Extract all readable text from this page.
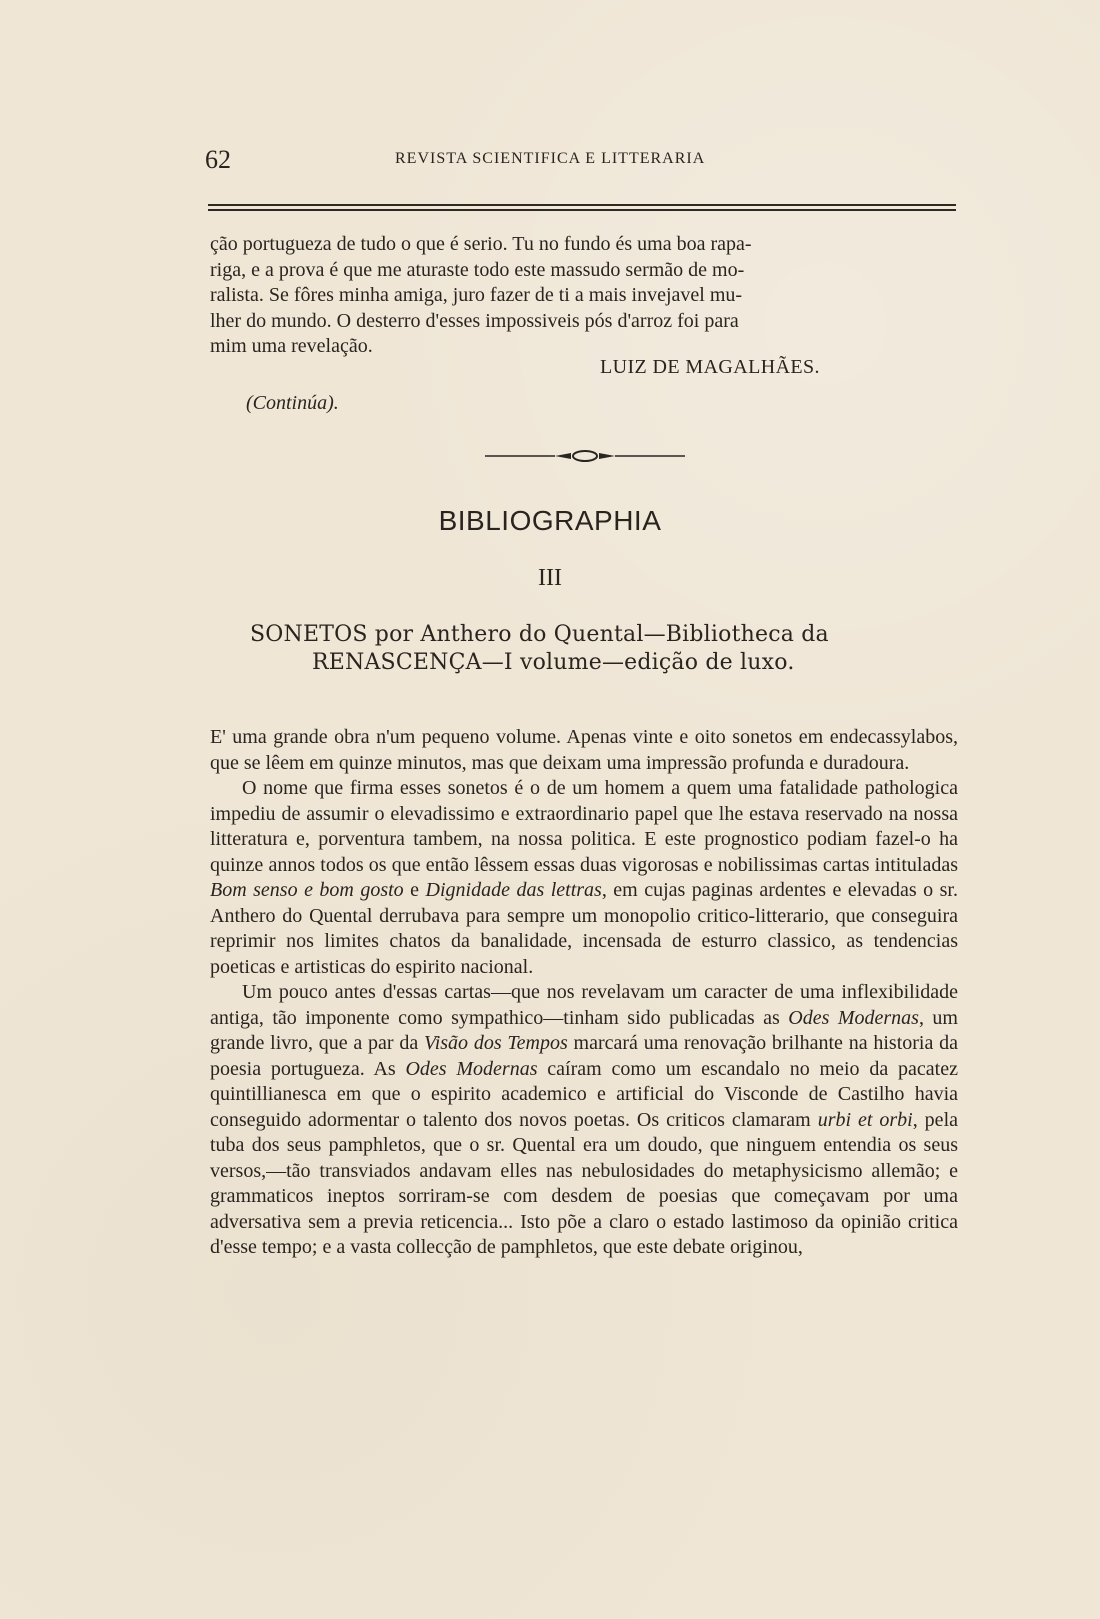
62	REVISTA SCIENTIFICA E LITTERARIA

ção portugueza de tudo o que é serio. Tu no fundo és uma boa rapa-

riga, e a prova é que me aturaste todo este massudo sermão de mo-

ralista. Se fôres minha amiga, juro fazer de ti a mais invejavel mu-

lher do mundo. O desterro d'esses impossiveis pós d'arroz foi para

mim uma revelação.

LUIZ DE MAGALHÃES.
(Continúa).
BIBLIOGRAPHIA
III
SONETOS por Anthero do Quental—Bibliotheca da
RENASCENÇA—I volume—edição de luxo.

E' uma grande obra n'um pequeno volume. Apenas vinte e oito sonetos em endecassylabos, que se lêem em quinze minutos, mas que deixam uma impressão profunda e duradoura.

O nome que firma esses sonetos é o de um homem a quem uma fatalidade pathologica impediu de assumir o elevadissimo e extraordinario papel que lhe estava reservado na nossa litteratura e, porventura tambem, na nossa politica. E este prognostico podiam fazel-o ha quinze annos todos os que então lêssem essas duas vigorosas e nobilissimas cartas intituladas Bom senso e bom gosto e Dignidade das lettras, em cujas paginas ardentes e elevadas o sr. Anthero do Quental derrubava para sempre um monopolio critico-litterario, que conseguira reprimir nos limites chatos da banalidade, incensada de esturro classico, as tendencias poeticas e artisticas do espirito nacional.

Um pouco antes d'essas cartas—que nos revelavam um caracter de uma inflexibilidade antiga, tão imponente como sympathico—tinham sido publicadas as Odes Modernas, um grande livro, que a par da Visão dos Tempos marcará uma renovação brilhante na historia da poesia portugueza. As Odes Modernas caíram como um escandalo no meio da pacatez quintillianesca em que o espirito academico e artificial do Visconde de Castilho havia conseguido adormentar o talento dos novos poetas. Os criticos clamaram urbi et orbi, pela tuba dos seus pamphletos, que o sr. Quental era um doudo, que ninguem entendia os seus versos,—tão transviados andavam elles nas nebulosidades do metaphysicismo allemão; e grammaticos ineptos sorriram-se com desdem de poesias que começavam por uma adversativa sem a previa reticencia... Isto põe a claro o estado lastimoso da opinião critica d'esse tempo; e a vasta collecção de pamphletos, que este debate originou,
